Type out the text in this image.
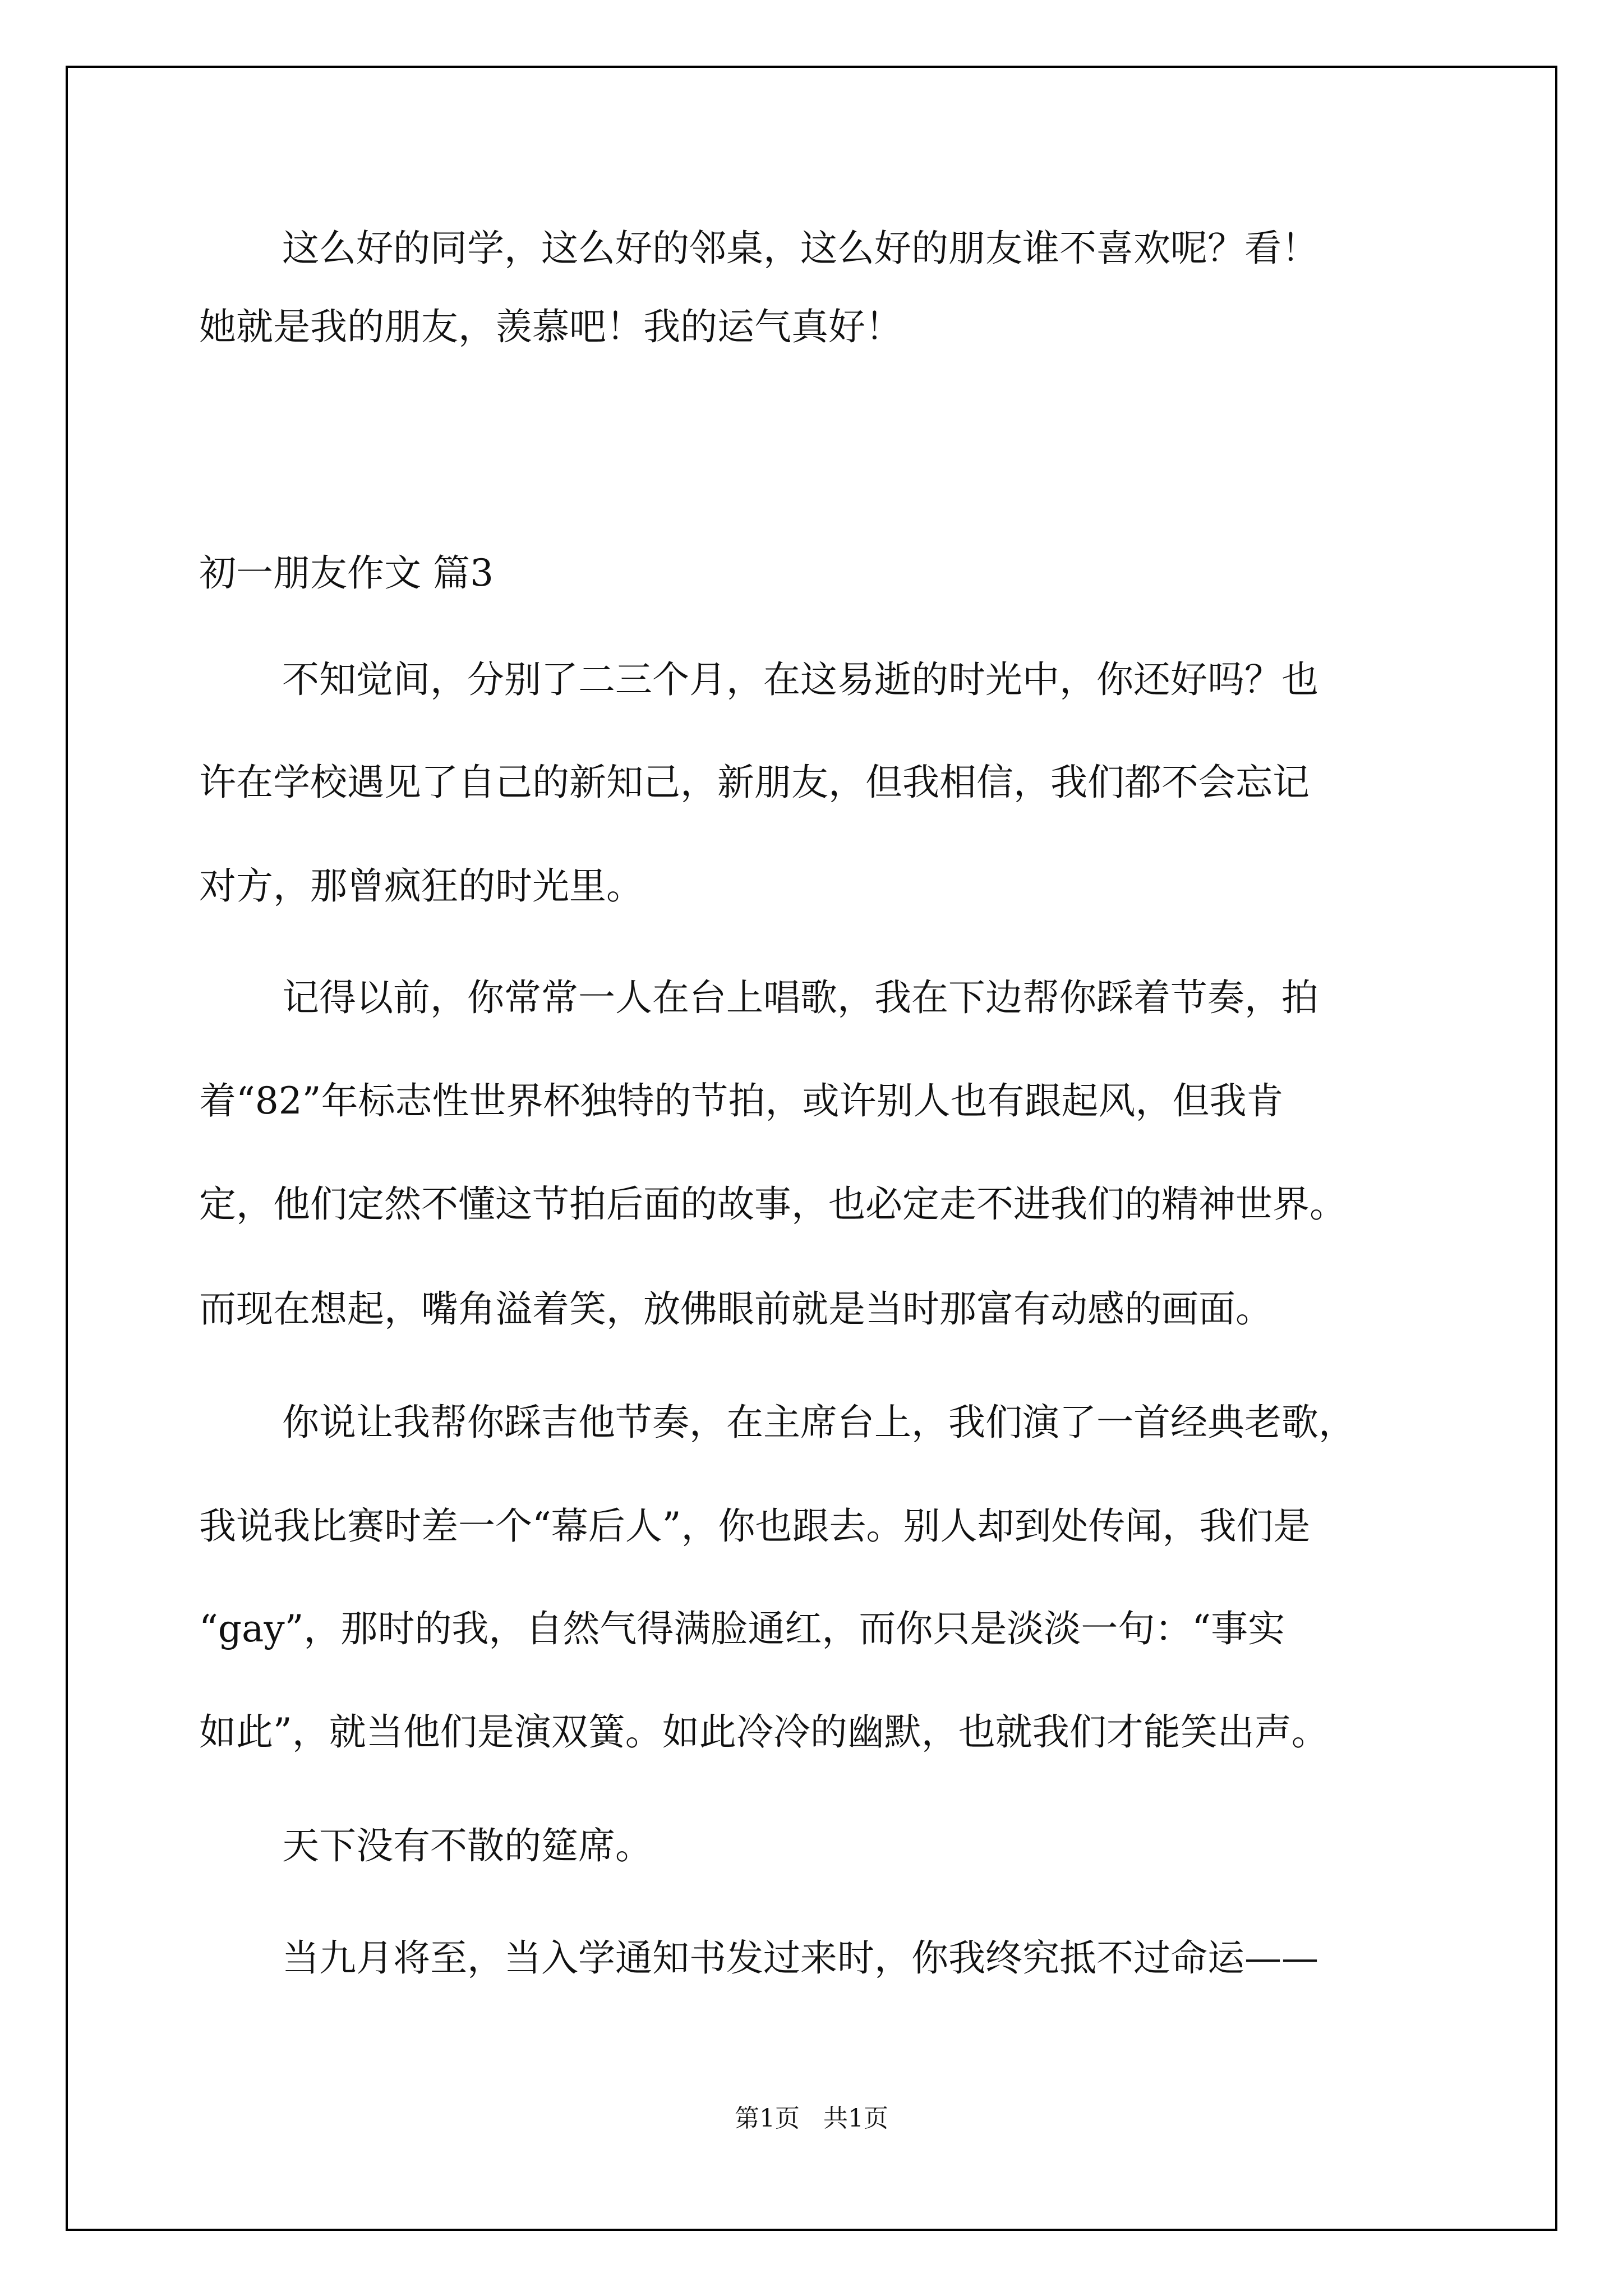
这么好的同学，这么好的邻桌，这么好的朋友谁不喜欢呢？看！
她就是我的朋友，羡慕吧！我的运气真好！
初一朋友作文 篇3
不知觉间，分别了二三个月，在这易逝的时光中，你还好吗？也
许在学校遇见了自己的新知己，新朋友，但我相信，我们都不会忘记
对方，那曾疯狂的时光里。
记得以前，你常常一人在台上唱歌，我在下边帮你踩着节奏，拍
着“82”年标志性世界杯独特的节拍，或许别人也有跟起风，但我肯
定，他们定然不懂这节拍后面的故事，也必定走不进我们的精神世界。
而现在想起，嘴角溢着笑，放佛眼前就是当时那富有动感的画面。
你说让我帮你踩吉他节奏，在主席台上，我们演了一首经典老歌，
我说我比赛时差一个“幕后人”，你也跟去。别人却到处传闻，我们是
“gay”，那时的我，自然气得满脸通红，而你只是淡淡一句：“事实
如此”，就当他们是演双簧。如此冷冷的幽默，也就我们才能笑出声。
天下没有不散的筵席。
当九月将至，当入学通知书发过来时，你我终究抵不过命运——
第1页 共1页
